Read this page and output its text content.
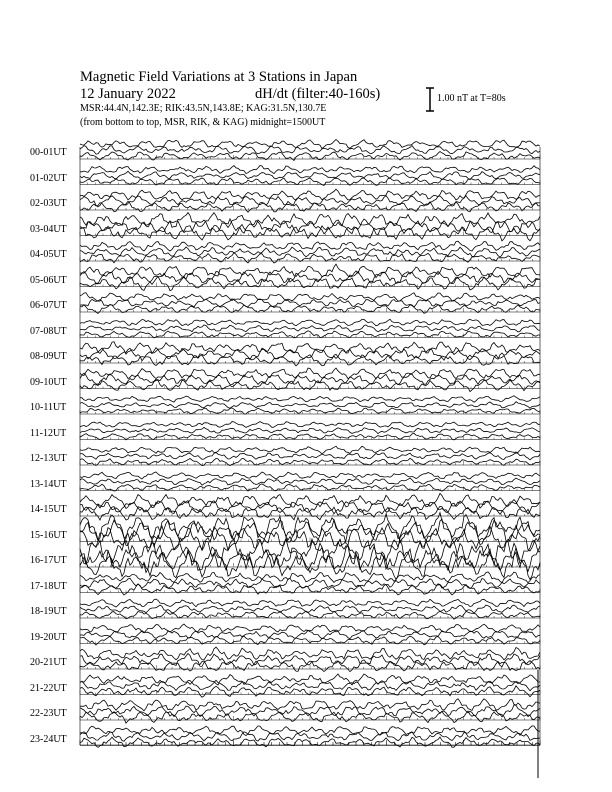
Magnetic Field Variations at 3 Stations in Japan
12 January 2022	dH/dt (filter:40-160s)
MSR:44.4N,142.3E; RIK:43.5N,143.8E; KAG:31.5N,130.7E
(from bottom to top, MSR, RIK, & KAG) midnight=1500UT
1.00 nT at T=80s
00-01UT
01-02UT
02-03UT
03-04UT
04-05UT
05-06UT
06-07UT
07-08UT
08-09UT
09-10UT
10-11UT
11-12UT
12-13UT
13-14UT
14-15UT
15-16UT
16-17UT
17-18UT
18-19UT
19-20UT
20-21UT
21-22UT
22-23UT
23-24UT
